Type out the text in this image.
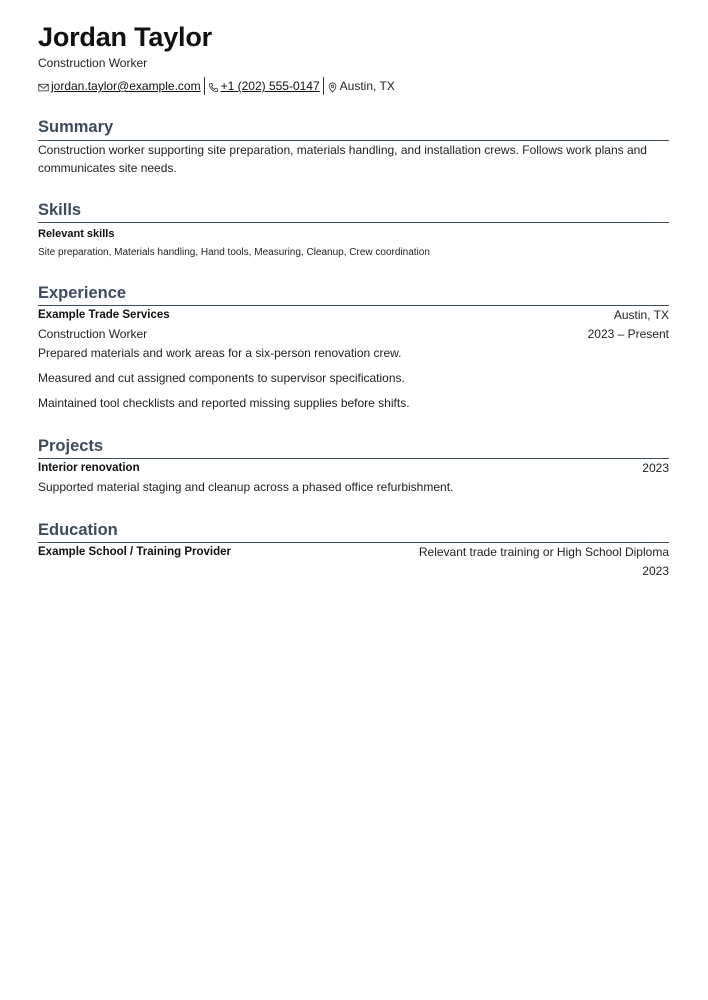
Jordan Taylor
Construction Worker
jordan.taylor@example.com +1 (202) 555-0147 Austin, TX
Summary
Construction worker supporting site preparation, materials handling, and installation crews. Follows work plans and communicates site needs.
Skills
Relevant skills
Site preparation, Materials handling, Hand tools, Measuring, Cleanup, Crew coordination
Experience
Example Trade Services	Austin, TX
Construction Worker	2023 – Present
Prepared materials and work areas for a six-person renovation crew.
Measured and cut assigned components to supervisor specifications.
Maintained tool checklists and reported missing supplies before shifts.
Projects
Interior renovation	2023
Supported material staging and cleanup across a phased office refurbishment.
Education
Example School / Training Provider	Relevant trade training or High School Diploma
2023
